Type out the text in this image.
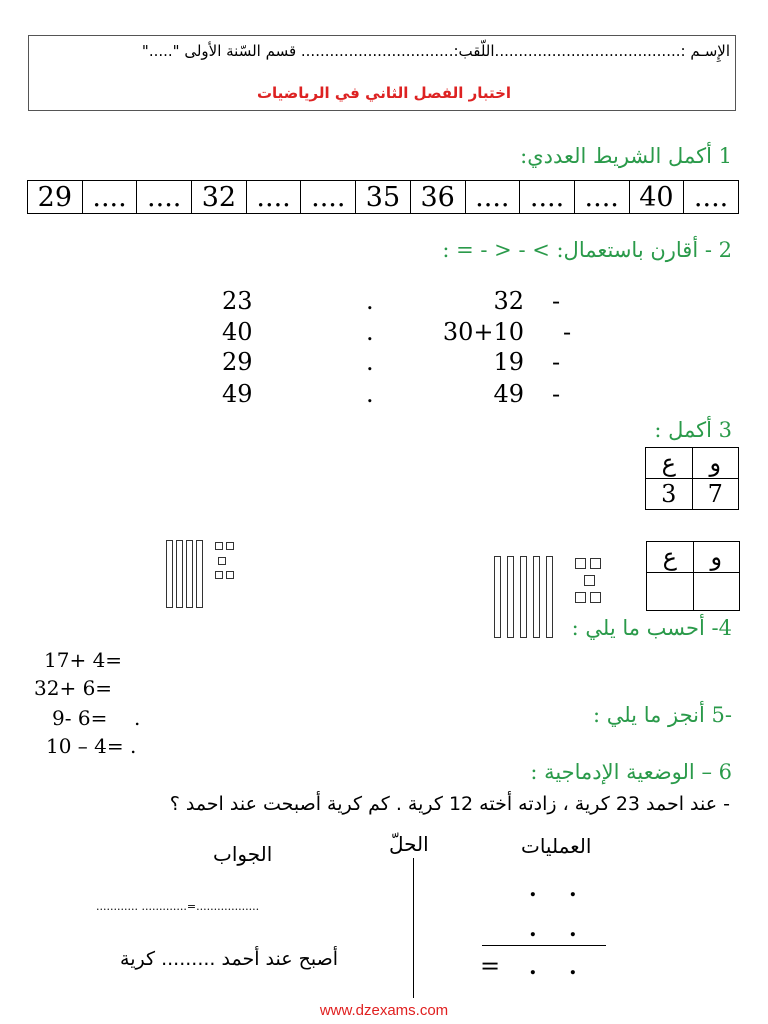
الإِسـم :.......................................اللّقب:................................ قسم السّنة الأولى "....."
اختبار الفصل الثاني في الرياضيات
1 أكمل الشريط العددي:
29 .... .... 32 .... .... 35 36 .... .... .... 40 ....
2 - أقارن باستعمال: > - < - = :
23	.	32 -
40	.	30+10 -
29	.	19 -
49	.	49 -
3 أكمل :
ع	و
3	7
ع	و

4- أحسب ما يلي :
17+ 4=
32+ 6=
-5 أنجز ما يلي :
9- 6= .
10 – 4= .
6 – الوضعية الإدماجية :
- عند احمد 23 كرية ، زادته أخته 12 كرية . كم كرية أصبحت عند احمد ؟
الجواب	الحلّ	العمليات
............ .............=..................
أصبح عند أحمد ......... كرية
. .
. .
= . .
www.dzexams.com
